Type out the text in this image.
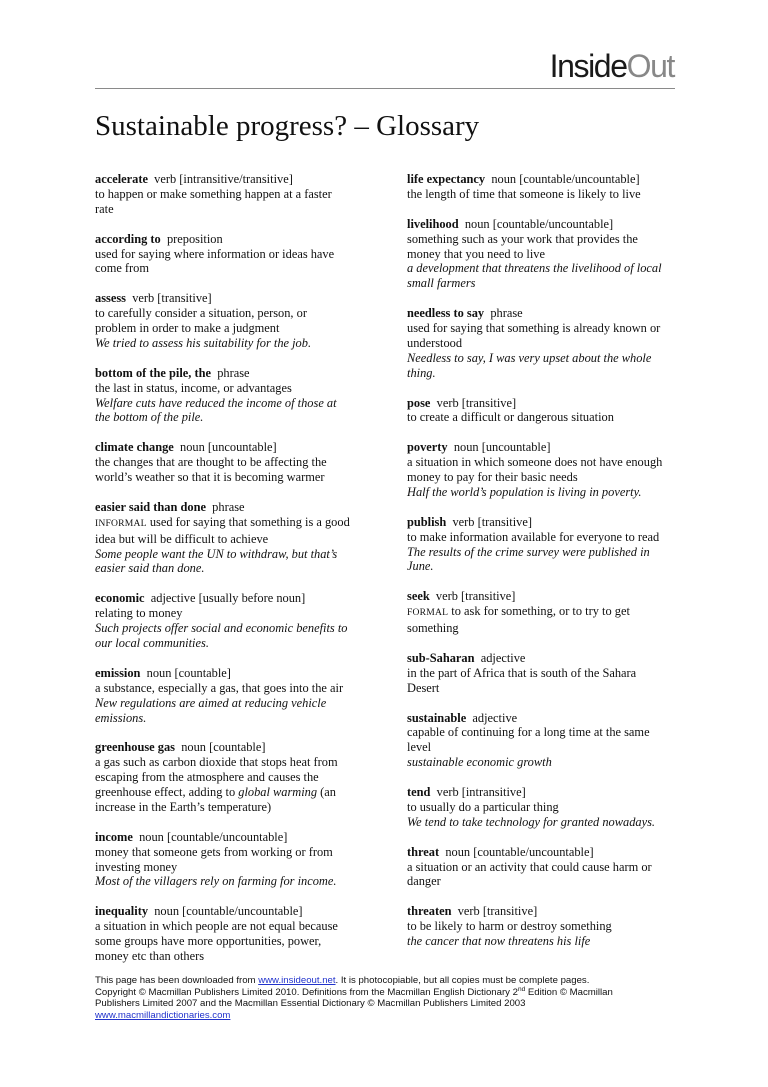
InsideOut
Sustainable progress? – Glossary
accelerate verb [intransitive/transitive]
to happen or make something happen at a faster
rate
according to preposition
used for saying where information or ideas have
come from
assess verb [transitive]
to carefully consider a situation, person, or
problem in order to make a judgment
We tried to assess his suitability for the job.
bottom of the pile, the phrase
the last in status, income, or advantages
Welfare cuts have reduced the income of those at
the bottom of the pile.
climate change noun [uncountable]
the changes that are thought to be affecting the
world’s weather so that it is becoming warmer
easier said than done phrase
INFORMAL used for saying that something is a good
idea but will be difficult to achieve
Some people want the UN to withdraw, but that’s
easier said than done.
economic adjective [usually before noun]
relating to money
Such projects offer social and economic benefits to
our local communities.
emission noun [countable]
a substance, especially a gas, that goes into the air
New regulations are aimed at reducing vehicle
emissions.
greenhouse gas noun [countable]
a gas such as carbon dioxide that stops heat from
escaping from the atmosphere and causes the
greenhouse effect, adding to global warming (an
increase in the Earth’s temperature)
income noun [countable/uncountable]
money that someone gets from working or from
investing money
Most of the villagers rely on farming for income.
inequality noun [countable/uncountable]
a situation in which people are not equal because
some groups have more opportunities, power,
money etc than others
life expectancy noun [countable/uncountable]
the length of time that someone is likely to live
livelihood noun [countable/uncountable]
something such as your work that provides the
money that you need to live
a development that threatens the livelihood of local
small farmers
needless to say phrase
used for saying that something is already known or
understood
Needless to say, I was very upset about the whole
thing.
pose verb [transitive]
to create a difficult or dangerous situation
poverty noun [uncountable]
a situation in which someone does not have enough
money to pay for their basic needs
Half the world’s population is living in poverty.
publish verb [transitive]
to make information available for everyone to read
The results of the crime survey were published in
June.
seek verb [transitive]
FORMAL to ask for something, or to try to get
something
sub-Saharan adjective
in the part of Africa that is south of the Sahara
Desert
sustainable adjective
capable of continuing for a long time at the same
level
sustainable economic growth
tend verb [intransitive]
to usually do a particular thing
We tend to take technology for granted nowadays.
threat noun [countable/uncountable]
a situation or an activity that could cause harm or
danger
threaten verb [transitive]
to be likely to harm or destroy something
the cancer that now threatens his life
This page has been downloaded from www.insideout.net. It is photocopiable, but all copies must be complete pages.
Copyright © Macmillan Publishers Limited 2010. Definitions from the Macmillan English Dictionary 2nd Edition © Macmillan
Publishers Limited 2007 and the Macmillan Essential Dictionary © Macmillan Publishers Limited 2003
www.macmillandictionaries.com
